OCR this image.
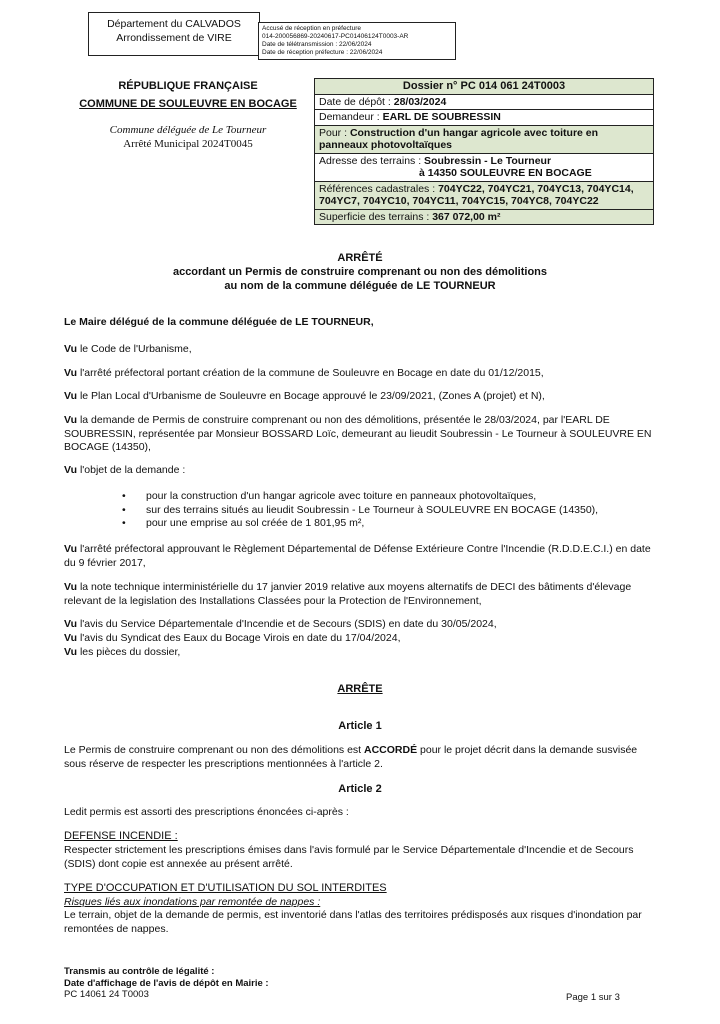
Département du CALVADOS
Arrondissement de VIRE
Accusé de réception en préfecture
014-200056869-20240617-PC01406124T0003-AR
Date de télétransmission : 22/06/2024
Date de réception préfecture : 22/06/2024
RÉPUBLIQUE FRANÇAISE
COMMUNE DE SOULEUVRE EN BOCAGE
Commune déléguée de Le Tourneur
Arrêté Municipal 2024T0045
Dossier n° PC 014 061 24T0003
Date de dépôt : 28/03/2024
Demandeur : EARL DE SOUBRESSIN
Pour : Construction d'un hangar agricole avec toiture en panneaux photovoltaïques
Adresse des terrains : Soubressin - Le Tourneur
à 14350 SOULEUVRE EN BOCAGE
Références cadastrales : 704YC22, 704YC21, 704YC13, 704YC14, 704YC7, 704YC10, 704YC11, 704YC15, 704YC8, 704YC22
Superficie des terrains : 367 072,00 m²
ARRÊTÉ
accordant un Permis de construire comprenant ou non des démolitions
au nom de la commune déléguée de LE TOURNEUR
Le Maire délégué de la commune déléguée de LE TOURNEUR,
Vu le Code de l'Urbanisme,
Vu l'arrêté préfectoral portant création de la commune de Souleuvre en Bocage en date du 01/12/2015,
Vu le Plan Local d'Urbanisme de Souleuvre en Bocage approuvé le 23/09/2021, (Zones A (projet) et N),
Vu la demande de Permis de construire comprenant ou non des démolitions, présentée le 28/03/2024, par l'EARL DE SOUBRESSIN, représentée par Monsieur BOSSARD Loïc, demeurant au lieudit Soubressin - Le Tourneur à SOULEUVRE EN BOCAGE (14350),
Vu l'objet de la demande :
• pour la construction d'un hangar agricole avec toiture en panneaux photovoltaïques,
• sur des terrains situés au lieudit Soubressin - Le Tourneur à SOULEUVRE EN BOCAGE (14350),
• pour une emprise au sol créée de 1 801,95 m²,
Vu l'arrêté préfectoral approuvant le Règlement Départemental de Défense Extérieure Contre l'Incendie (R.D.D.E.C.I.) en date du 9 février 2017,
Vu la note technique interministérielle du 17 janvier 2019 relative aux moyens alternatifs de DECI des bâtiments d'élevage relevant de la legislation des Installations Classées pour la Protection de l'Environnement,
Vu l'avis du Service Départementale d'Incendie et de Secours (SDIS) en date du 30/05/2024,
Vu l'avis du Syndicat des Eaux du Bocage Virois en date du 17/04/2024,
Vu les pièces du dossier,
ARRÊTE
Article 1
Le Permis de construire comprenant ou non des démolitions est ACCORDÉ pour le projet décrit dans la demande susvisée sous réserve de respecter les prescriptions mentionnées à l'article 2.
Article 2
Ledit permis est assorti des prescriptions énoncées ci-après :
DEFENSE INCENDIE :
Respecter strictement les prescriptions émises dans l'avis formulé par le Service Départementale d'Incendie et de Secours (SDIS) dont copie est annexée au présent arrêté.
TYPE D'OCCUPATION ET D'UTILISATION DU SOL INTERDITES
Risques liés aux inondations par remontée de nappes :
Le terrain, objet de la demande de permis, est inventorié dans l'atlas des territoires prédisposés aux risques d'inondation par remontées de nappes.
Transmis au contrôle de légalité :
Date d'affichage de l'avis de dépôt en Mairie :
PC 14061 24 T0003	Page 1 sur 3
